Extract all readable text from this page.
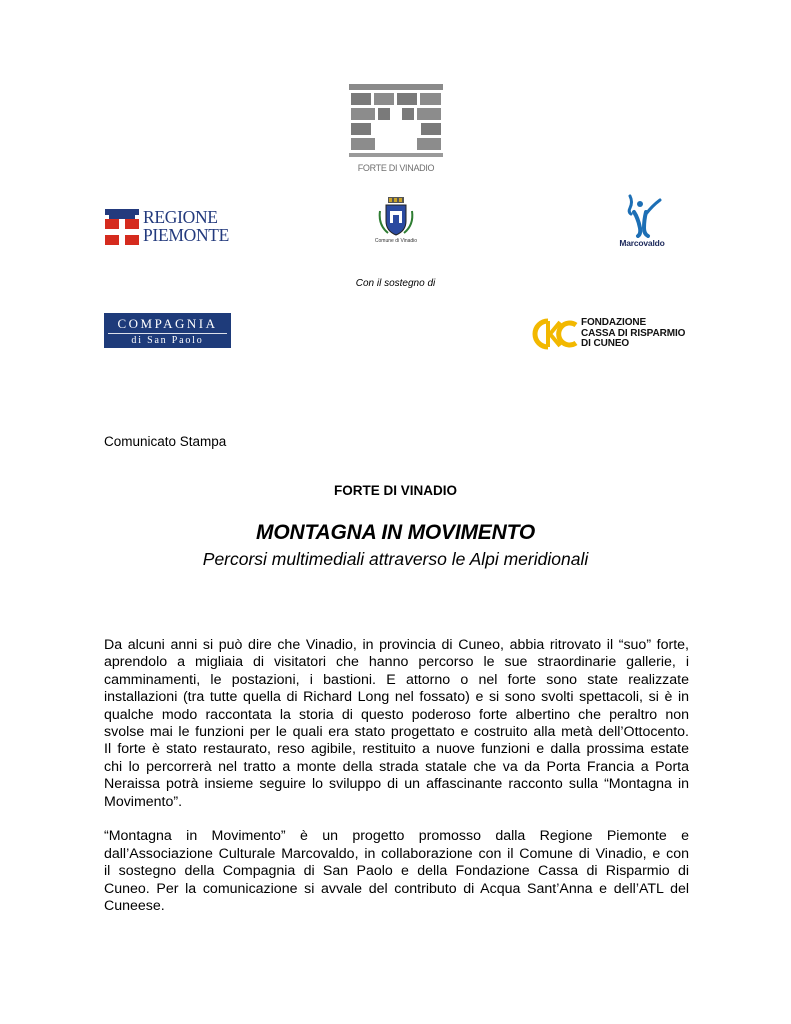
FORTE DI VINADIO
REGIONE
PIEMONTE	Comune di Vinadio	Marcovaldo
Con il sostegno di
COMPAGNIA
di San Paolo
FONDAZIONE
CASSA DI RISPARMIO
DI CUNEO
Comunicato Stampa
FORTE DI VINADIO
MONTAGNA IN MOVIMENTO
Percorsi multimediali attraverso le Alpi meridionali

Da alcuni anni si può dire che Vinadio, in provincia di Cuneo, abbia ritrovato il “suo” forte,
aprendolo a migliaia di visitatori che hanno percorso le sue straordinarie gallerie, i
camminamenti, le postazioni, i bastioni. E attorno o nel forte sono state realizzate
installazioni (tra tutte quella di Richard Long nel fossato) e si sono svolti spettacoli, si è in
qualche modo raccontata la storia di questo poderoso forte albertino che peraltro non
svolse mai le funzioni per le quali era stato progettato e costruito alla metà dell’Ottocento.
Il forte è stato restaurato, reso agibile, restituito a nuove funzioni e dalla prossima estate
chi lo percorrerà nel tratto a monte della strada statale che va da Porta Francia a Porta
Neraissa potrà insieme seguire lo sviluppo di un affascinante racconto sulla “Montagna in
Movimento”.

“Montagna in Movimento” è un progetto promosso dalla Regione Piemonte e
dall’Associazione Culturale Marcovaldo, in collaborazione con il Comune di Vinadio, e con
il sostegno della Compagnia di San Paolo e della Fondazione Cassa di Risparmio di
Cuneo. Per la comunicazione si avvale del contributo di Acqua Sant’Anna e dell’ATL del
Cuneese.
